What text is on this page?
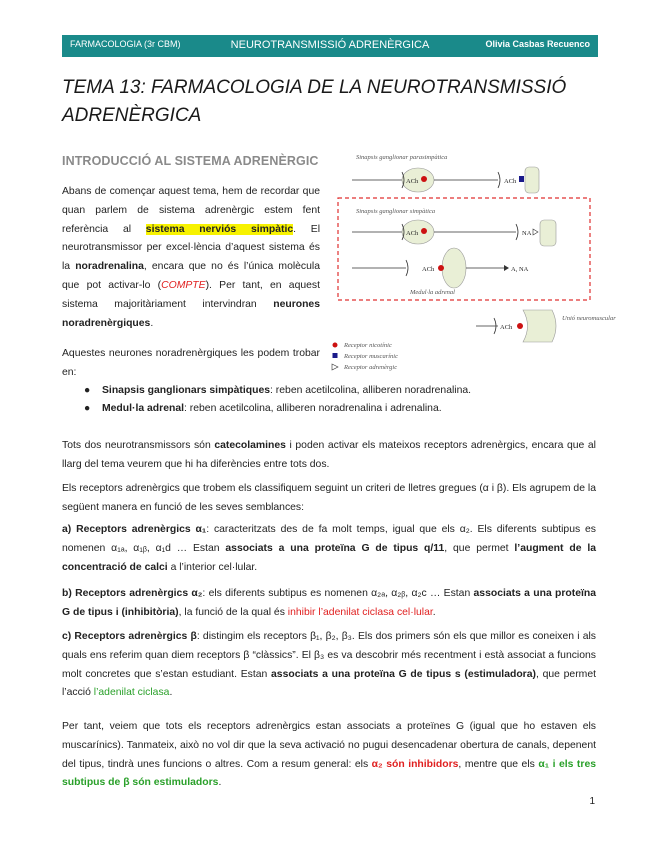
FARMACOLOGIA (3r CBM)	NEUROTRANSMISSIÓ ADRENÈRGICA	Olivia Casbas Recuenco
TEMA 13: FARMACOLOGIA DE LA NEUROTRANSMISSIÓ
ADRENÈRGICA
INTRODUCCIÓ AL SISTEMA ADRENÈRGIC
Abans de començar aquest tema, hem de recordar que quan parlem de sistema adrenèrgic estem fent referència al sistema nerviós simpàtic. El neurotransmissor per excel·lència d’aquest sistema és la noradrenalina, encara que no és l’única molècula que pot activar-lo (COMPTE). Per tant, en aquest sistema majoritàriament intervindran neurones noradrenèrgiques.
Aquestes neurones noradrenèrgiques les podem trobar en:
● Sinapsis ganglionars simpàtiques: reben acetilcolina, alliberen noradrenalina.
● Medul·la adrenal: reben acetilcolina, alliberen noradrenalina i adrenalina.
Tots dos neurotransmissors són catecolamines i poden activar els mateixos receptors adrenèrgics, encara que al llarg del tema veurem que hi ha diferències entre tots dos.
Els receptors adrenèrgics que trobem els classifiquem seguint un criteri de lletres gregues (α i β). Els agrupem de la següent manera en funció de les seves semblances:
a) Receptors adrenèrgics α₁: caracteritzats des de fa molt temps, igual que els α₂. Els diferents subtipus es nomenen α₁ₐ, α₁ᵦ, α₁d … Estan associats a una proteïna G de tipus q/11, que permet l’augment de la concentració de calci a l’interior cel·lular.
b) Receptors adrenèrgics α₂: els diferents subtipus es nomenen α₂ₐ, α₂ᵦ, α₂c … Estan associats a una proteïna G de tipus i (inhibitòria), la funció de la qual és inhibir l’adenilat ciclasa cel·lular.
c) Receptors adrenèrgics β: distingim els receptors β₁, β₂, β₃. Els dos primers són els que millor es coneixen i als quals ens referim quan diem receptors β “clàssics”. El β₃ es va descobrir més recentment i està associat a funcions molt concretes que s’estan estudiant. Estan associats a una proteïna G de tipus s (estimuladora), que permet l’acció l’adenilat ciclasa.
Per tant, veiem que tots els receptors adrenèrgics estan associats a proteïnes G (igual que ho estaven els muscarínics). Tanmateix, això no vol dir que la seva activació no pugui desencadenar obertura de canals, depenent del tipus, tindrà unes funcions o altres. Com a resum general: els α₂ són inhibidors, mentre que els α₁ i els tres subtipus de β són estimuladors.
1
Sinapsis ganglionar parasimpàtica
ACh	ACh
Sinapsis ganglionar simpàtica
ACh	NA
ACh	A, NA
Medul·la adrenal
ACh
Unió neuromuscular
Receptor nicotínic
Receptor muscarínic
Receptor adrenèrgic
